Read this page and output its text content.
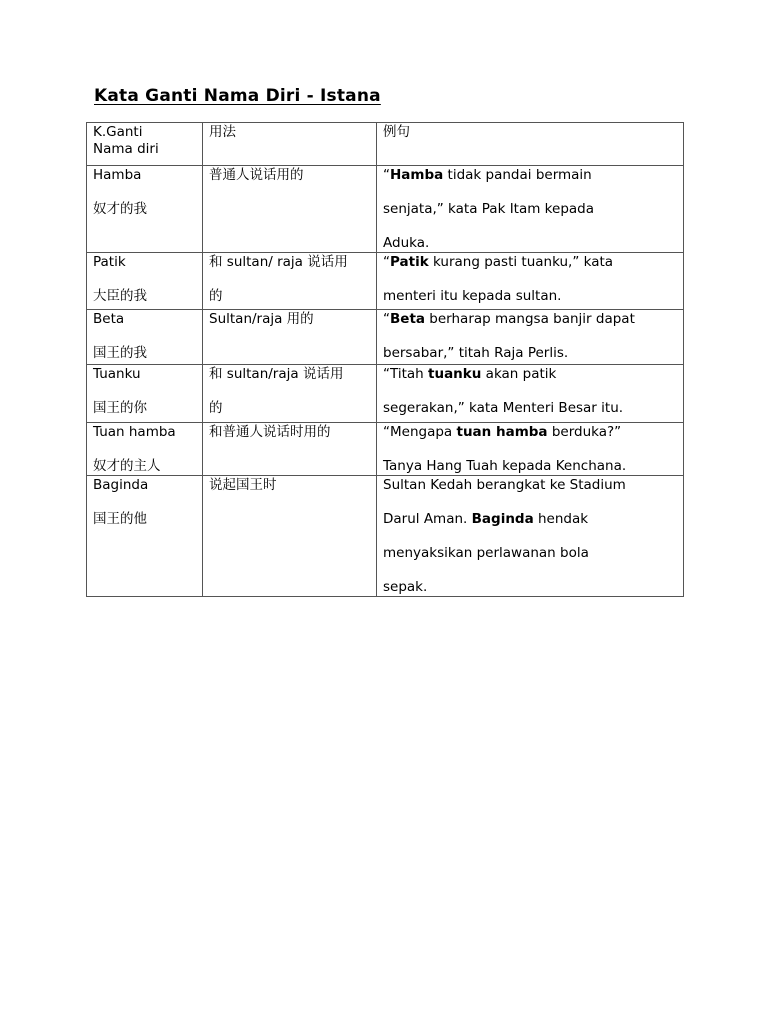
Kata Ganti Nama Diri - Istana
K.Ganti
Nama diri	用法	例句

Hamba
奴才的我	普通人说话用的	“Hamba tidak pandai bermain
senjata,” kata Pak Itam kepada
Aduka.

Patik
大臣的我	和 sultan/ raja 说话用
的	“Patik kurang pasti tuanku,” kata
menteri itu kepada sultan.

Beta
国王的我	Sultan/raja 用的	“Beta berharap mangsa banjir dapat
bersabar,” titah Raja Perlis.

Tuanku
国王的你	和 sultan/raja 说话用
的	“Titah tuanku akan patik
segerakan,” kata Menteri Besar itu.

Tuan hamba
奴才的主人	和普通人说话时用的	“Mengapa tuan hamba berduka?”
Tanya Hang Tuah kepada Kenchana.

Baginda
国王的他	说起国王时	Sultan Kedah berangkat ke Stadium
Darul Aman. Baginda hendak
menyaksikan perlawanan bola
sepak.
